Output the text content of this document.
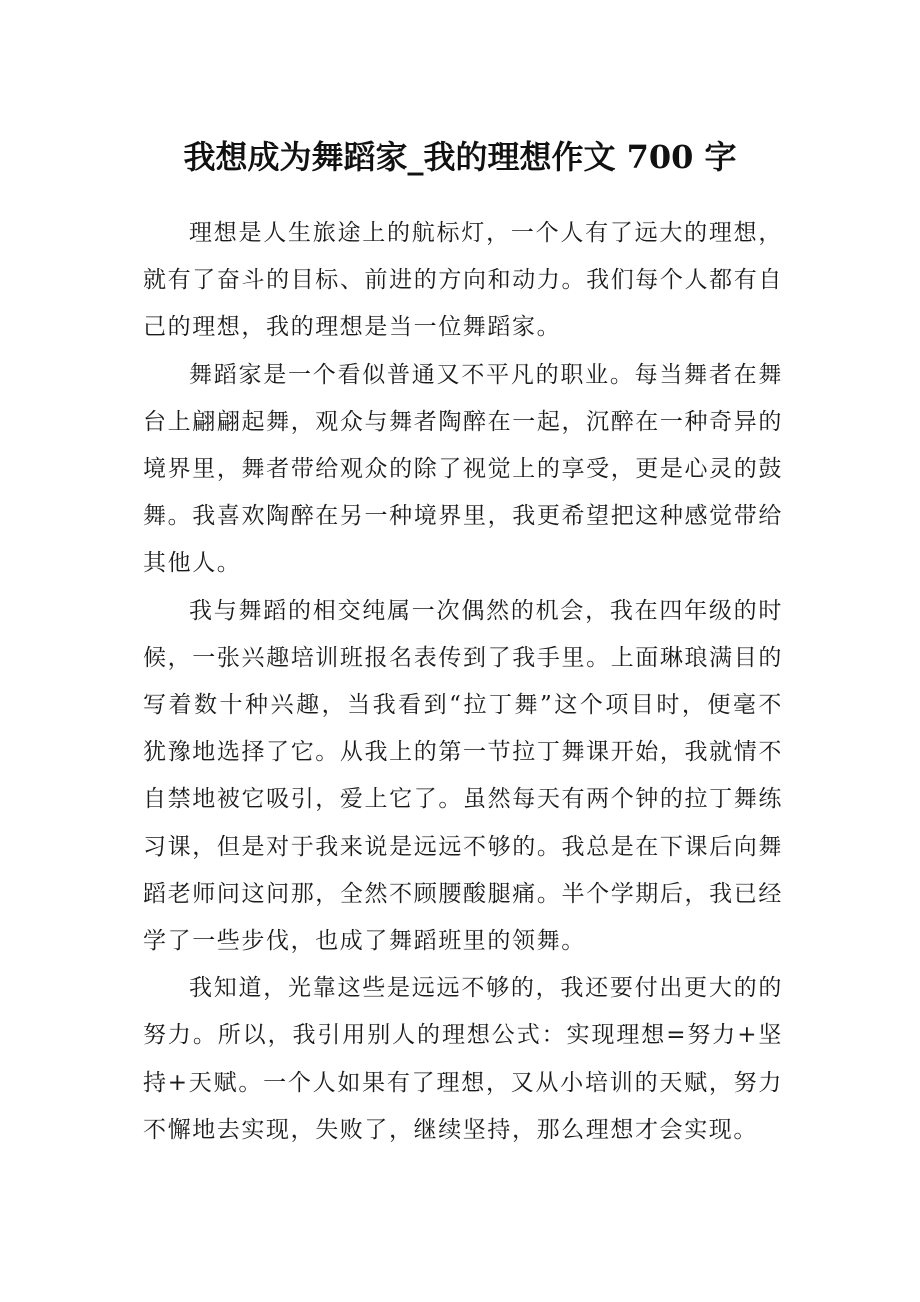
我想成为舞蹈家_我的理想作文 700 字

理想是人生旅途上的航标灯，一个人有了远大的理想，就有了奋斗的目标、前进的方向和动力。我们每个人都有自己的理想，我的理想是当一位舞蹈家。

舞蹈家是一个看似普通又不平凡的职业。每当舞者在舞台上翩翩起舞，观众与舞者陶醉在一起，沉醉在一种奇异的境界里，舞者带给观众的除了视觉上的享受，更是心灵的鼓舞。我喜欢陶醉在另一种境界里，我更希望把这种感觉带给其他人。

我与舞蹈的相交纯属一次偶然的机会，我在四年级的时候，一张兴趣培训班报名表传到了我手里。上面琳琅满目的写着数十种兴趣，当我看到“拉丁舞”这个项目时，便毫不犹豫地选择了它。从我上的第一节拉丁舞课开始，我就情不自禁地被它吸引，爱上它了。虽然每天有两个钟的拉丁舞练习课，但是对于我来说是远远不够的。我总是在下课后向舞蹈老师问这问那，全然不顾腰酸腿痛。半个学期后，我已经学了一些步伐，也成了舞蹈班里的领舞。

我知道，光靠这些是远远不够的，我还要付出更大的的努力。所以，我引用别人的理想公式：实现理想=努力+坚持+天赋。一个人如果有了理想，又从小培训的天赋，努力不懈地去实现，失败了，继续坚持，那么理想才会实现。
